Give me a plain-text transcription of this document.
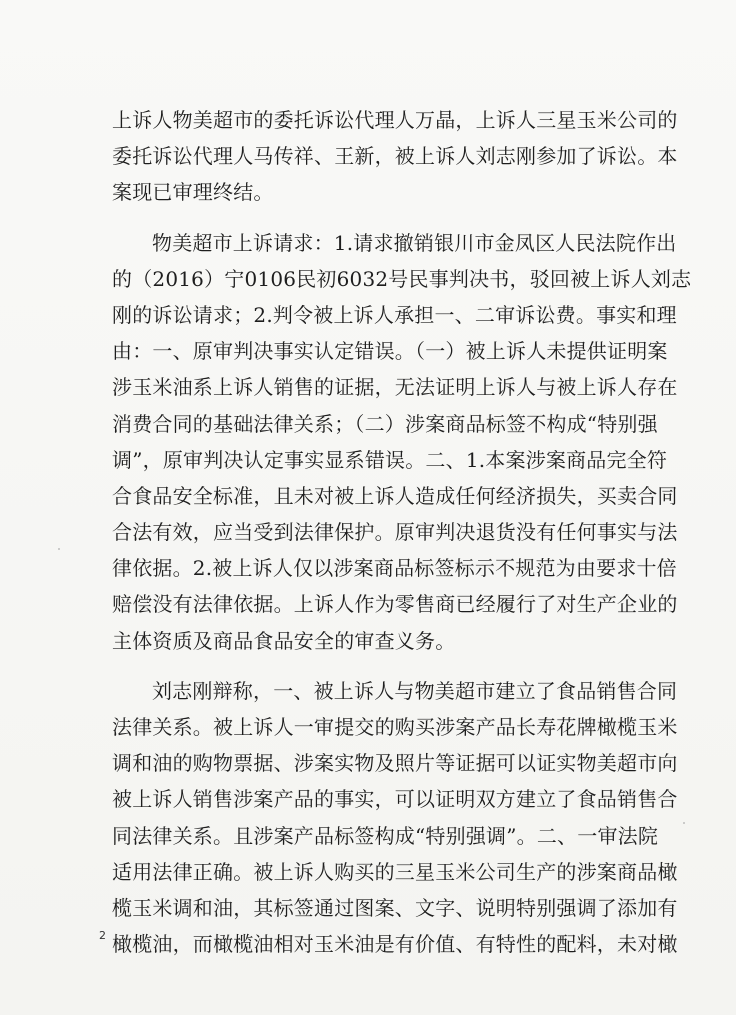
上诉人物美超市的委托诉讼代理人万晶，上诉人三星玉米公司的
委托诉讼代理人马传祥、王新，被上诉人刘志刚参加了诉讼。本
案现已审理终结。
物美超市上诉请求：1.请求撤销银川市金凤区人民法院作出
的（2016）宁0106民初6032号民事判决书，驳回被上诉人刘志
刚的诉讼请求；2.判令被上诉人承担一、二审诉讼费。事实和理
由：一、原审判决事实认定错误。（一）被上诉人未提供证明案
涉玉米油系上诉人销售的证据，无法证明上诉人与被上诉人存在
消费合同的基础法律关系；（二）涉案商品标签不构成“特别强
调”，原审判决认定事实显系错误。二、1.本案涉案商品完全符
合食品安全标准，且未对被上诉人造成任何经济损失，买卖合同
合法有效，应当受到法律保护。原审判决退货没有任何事实与法
律依据。2.被上诉人仅以涉案商品标签标示不规范为由要求十倍
赔偿没有法律依据。上诉人作为零售商已经履行了对生产企业的
主体资质及商品食品安全的审查义务。
刘志刚辩称，一、被上诉人与物美超市建立了食品销售合同
法律关系。被上诉人一审提交的购买涉案产品长寿花牌橄榄玉米
调和油的购物票据、涉案实物及照片等证据可以证实物美超市向
被上诉人销售涉案产品的事实，可以证明双方建立了食品销售合
同法律关系。且涉案产品标签构成“特别强调”。二、一审法院
适用法律正确。被上诉人购买的三星玉米公司生产的涉案商品橄
榄玉米调和油，其标签通过图案、文字、说明特别强调了添加有
橄榄油，而橄榄油相对玉米油是有价值、有特性的配料，未对橄
2
